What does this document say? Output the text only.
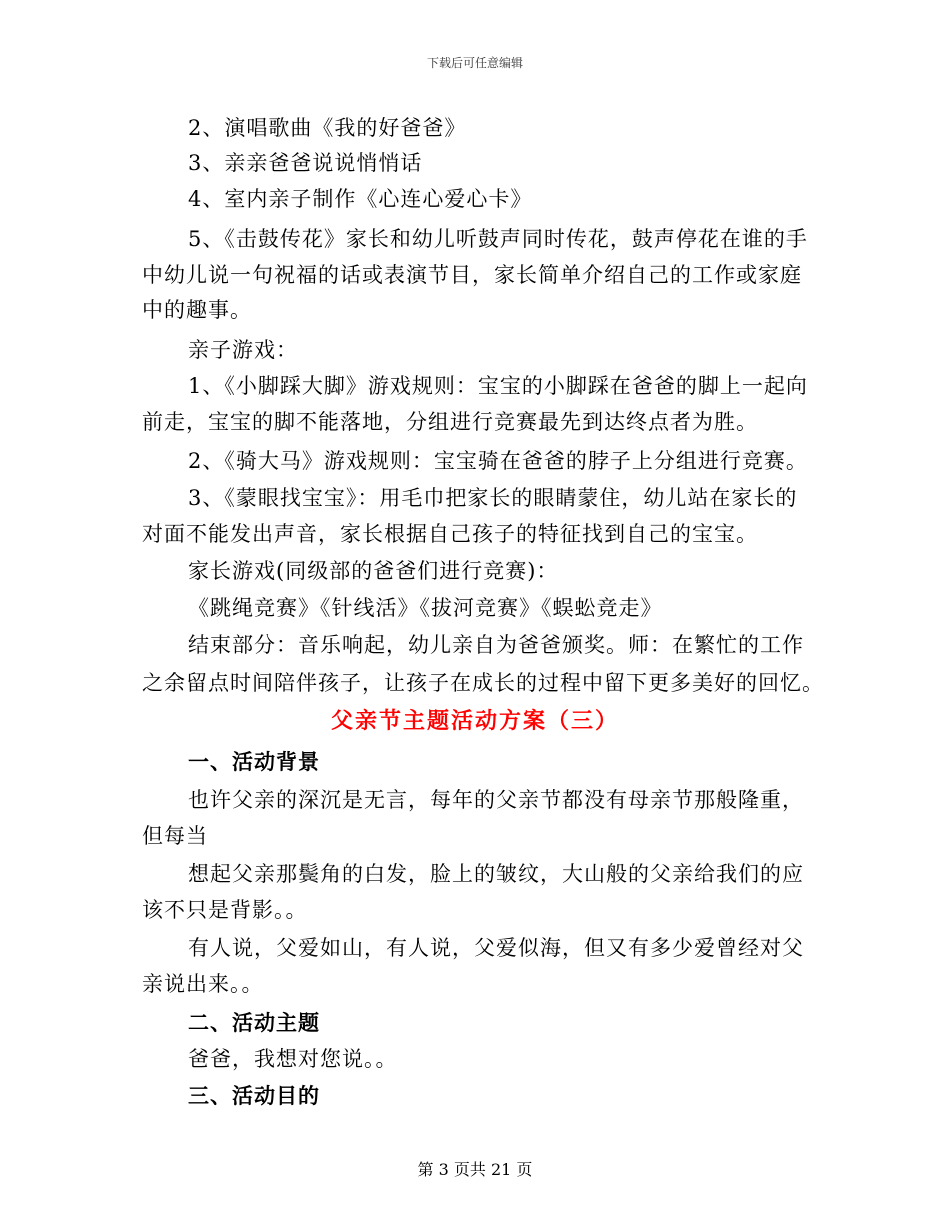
下载后可任意编辑
2、演唱歌曲《我的好爸爸》
3、亲亲爸爸说说悄悄话
4、室内亲子制作《心连心爱心卡》
5、《击鼓传花》家长和幼儿听鼓声同时传花，鼓声停花在谁的手
中幼儿说一句祝福的话或表演节目，家长简单介绍自己的工作或家庭
中的趣事。
亲子游戏：
1、《小脚踩大脚》游戏规则：宝宝的小脚踩在爸爸的脚上一起向
前走，宝宝的脚不能落地，分组进行竞赛最先到达终点者为胜。
2、《骑大马》游戏规则：宝宝骑在爸爸的脖子上分组进行竞赛。
3、《蒙眼找宝宝》：用毛巾把家长的眼睛蒙住，幼儿站在家长的
对面不能发出声音，家长根据自己孩子的特征找到自己的宝宝。
家长游戏(同级部的爸爸们进行竞赛)：
《跳绳竞赛》《针线活》《拔河竞赛》《蜈蚣竞走》
结束部分：音乐响起，幼儿亲自为爸爸颁奖。师：在繁忙的工作
之余留点时间陪伴孩子，让孩子在成长的过程中留下更多美好的回忆。
父亲节主题活动方案（三）
一、活动背景
也许父亲的深沉是无言，每年的父亲节都没有母亲节那般隆重，
但每当
想起父亲那鬓角的白发，脸上的皱纹，大山般的父亲给我们的应
该不只是背影。。
有人说，父爱如山，有人说，父爱似海，但又有多少爱曾经对父
亲说出来。。
二、活动主题
爸爸，我想对您说。。
三、活动目的
第 3 页共 21 页
